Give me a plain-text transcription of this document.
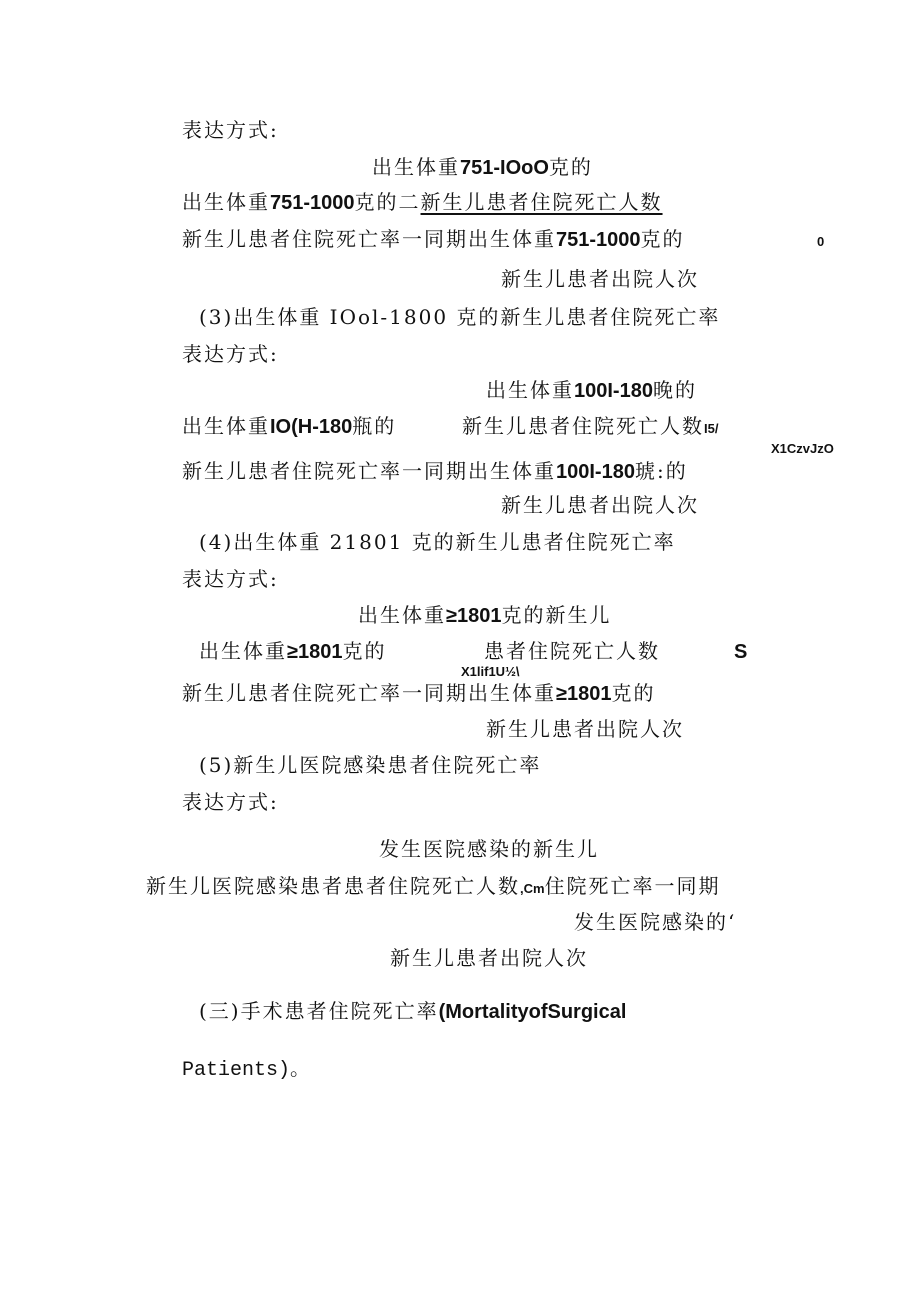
表达方式:
出生体重751-IOoO克的
出生体重751-1000克的二新生儿患者住院死亡人数
新生儿患者住院死亡率一同期出生体重751-1000克的	0
新生儿患者出院人次
(3)出生体重 IOol-1800 克的新生儿患者住院死亡率
表达方式:
出生体重100I-180晚的
出生体重IO(H-180瓶的	新生儿患者住院死亡人数I5/
X1CzvJzO
新生儿患者住院死亡率一同期出生体重100I-180琥:的
新生儿患者出院人次
(4)出生体重 21801 克的新生儿患者住院死亡率
表达方式:
出生体重≥1801克的新生儿
出生体重≥1801克的	患者住院死亡人数	S
X1lif1U½\
新生儿患者住院死亡率一同期出生体重≥1801克的
新生儿患者出院人次
(5)新生儿医院感染患者住院死亡率
表达方式:
发生医院感染的新生儿
新生儿医院感染患者患者住院死亡人数,Cm住院死亡率一同期
发生医院感染的‘
新生儿患者出院人次
(三)手术患者住院死亡率(MortalityofSurgical
Patients)。
